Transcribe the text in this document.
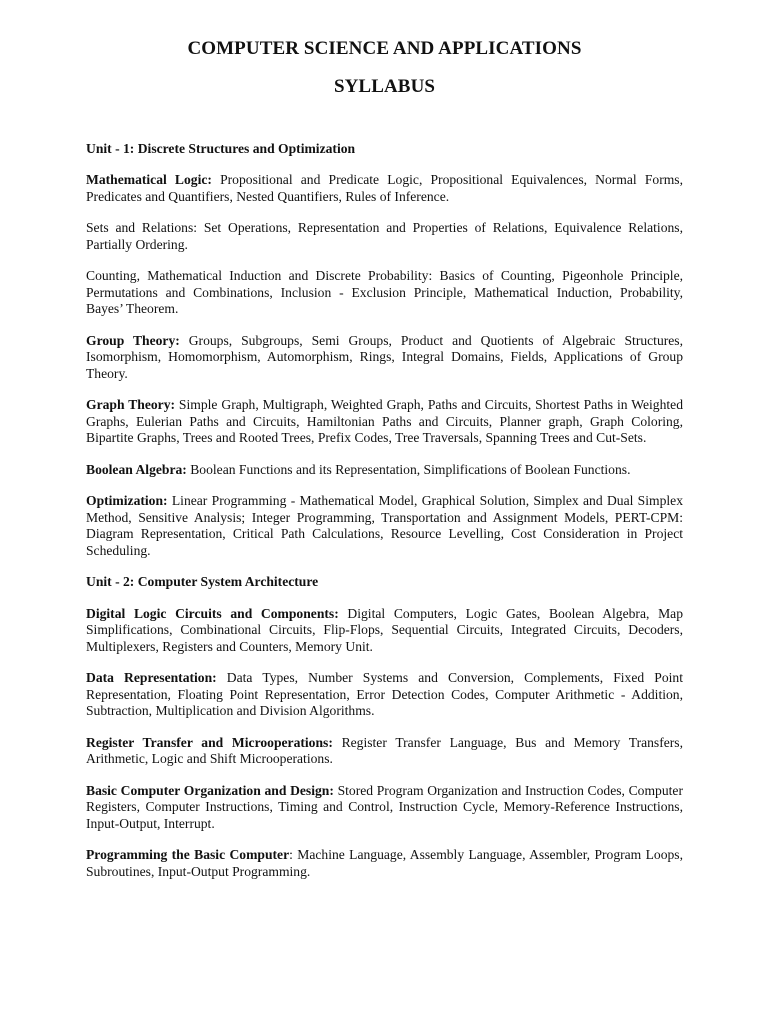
COMPUTER SCIENCE AND APPLICATIONS
SYLLABUS

Unit - 1: Discrete Structures and Optimization

Mathematical Logic: Propositional and Predicate Logic, Propositional Equivalences, Normal Forms, Predicates and Quantifiers, Nested Quantifiers, Rules of Inference.

Sets and Relations: Set Operations, Representation and Properties of Relations, Equivalence Relations, Partially Ordering.

Counting, Mathematical Induction and Discrete Probability: Basics of Counting, Pigeonhole Principle, Permutations and Combinations, Inclusion - Exclusion Principle, Mathematical Induction, Probability, Bayes’ Theorem.

Group Theory: Groups, Subgroups, Semi Groups, Product and Quotients of Algebraic Structures, Isomorphism, Homomorphism, Automorphism, Rings, Integral Domains, Fields, Applications of Group Theory.

Graph Theory: Simple Graph, Multigraph, Weighted Graph, Paths and Circuits, Shortest Paths in Weighted Graphs, Eulerian Paths and Circuits, Hamiltonian Paths and Circuits, Planner graph, Graph Coloring, Bipartite Graphs, Trees and Rooted Trees, Prefix Codes, Tree Traversals, Spanning Trees and Cut-Sets.

Boolean Algebra: Boolean Functions and its Representation, Simplifications of Boolean Functions.

Optimization: Linear Programming - Mathematical Model, Graphical Solution, Simplex and Dual Simplex Method, Sensitive Analysis; Integer Programming, Transportation and Assignment Models, PERT-CPM: Diagram Representation, Critical Path Calculations, Resource Levelling, Cost Consideration in Project Scheduling.

Unit - 2: Computer System Architecture

Digital Logic Circuits and Components: Digital Computers, Logic Gates, Boolean Algebra, Map Simplifications, Combinational Circuits, Flip-Flops, Sequential Circuits, Integrated Circuits, Decoders, Multiplexers, Registers and Counters, Memory Unit.

Data Representation: Data Types, Number Systems and Conversion, Complements, Fixed Point Representation, Floating Point Representation, Error Detection Codes, Computer Arithmetic - Addition, Subtraction, Multiplication and Division Algorithms.

Register Transfer and Microoperations: Register Transfer Language, Bus and Memory Transfers, Arithmetic, Logic and Shift Microoperations.

Basic Computer Organization and Design: Stored Program Organization and Instruction Codes, Computer Registers, Computer Instructions, Timing and Control, Instruction Cycle, Memory-Reference Instructions, Input-Output, Interrupt.

Programming the Basic Computer: Machine Language, Assembly Language, Assembler, Program Loops, Subroutines, Input-Output Programming.
